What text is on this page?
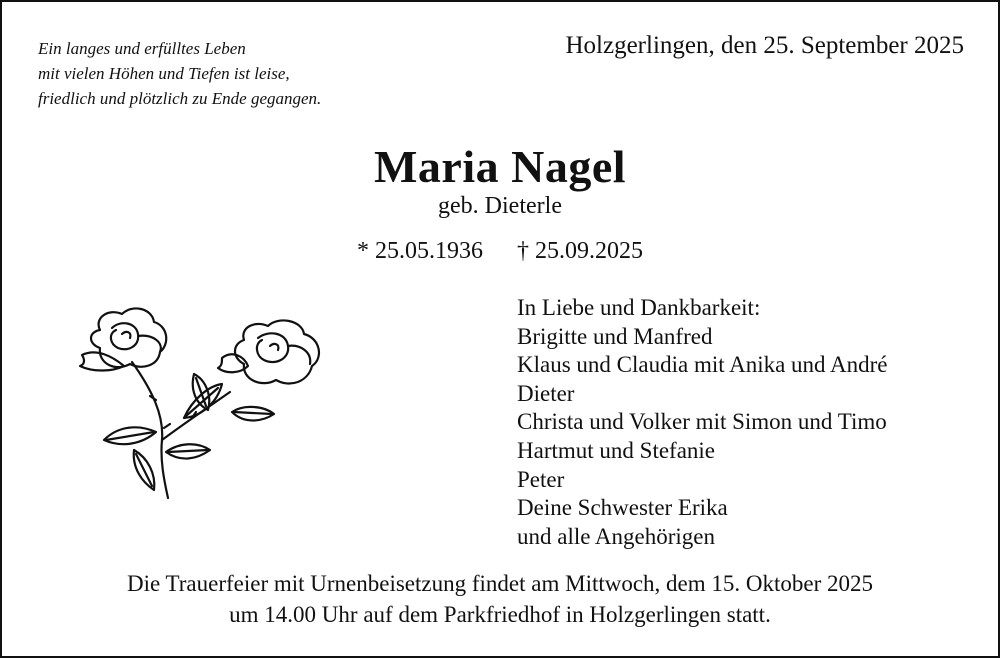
Ein langes und erfülltes Leben
mit vielen Höhen und Tiefen ist leise,
friedlich und plötzlich zu Ende gegangen.
Holzgerlingen, den 25. September 2025
Maria Nagel
geb. Dieterle
* 25.05.1936 † 25.09.2025
In Liebe und Dankbarkeit:
Brigitte und Manfred
Klaus und Claudia mit Anika und André
Dieter
Christa und Volker mit Simon und Timo
Hartmut und Stefanie
Peter
Deine Schwester Erika
und alle Angehörigen
Die Trauerfeier mit Urnenbeisetzung findet am Mittwoch, dem 15. Oktober 2025
um 14.00 Uhr auf dem Parkfriedhof in Holzgerlingen statt.
